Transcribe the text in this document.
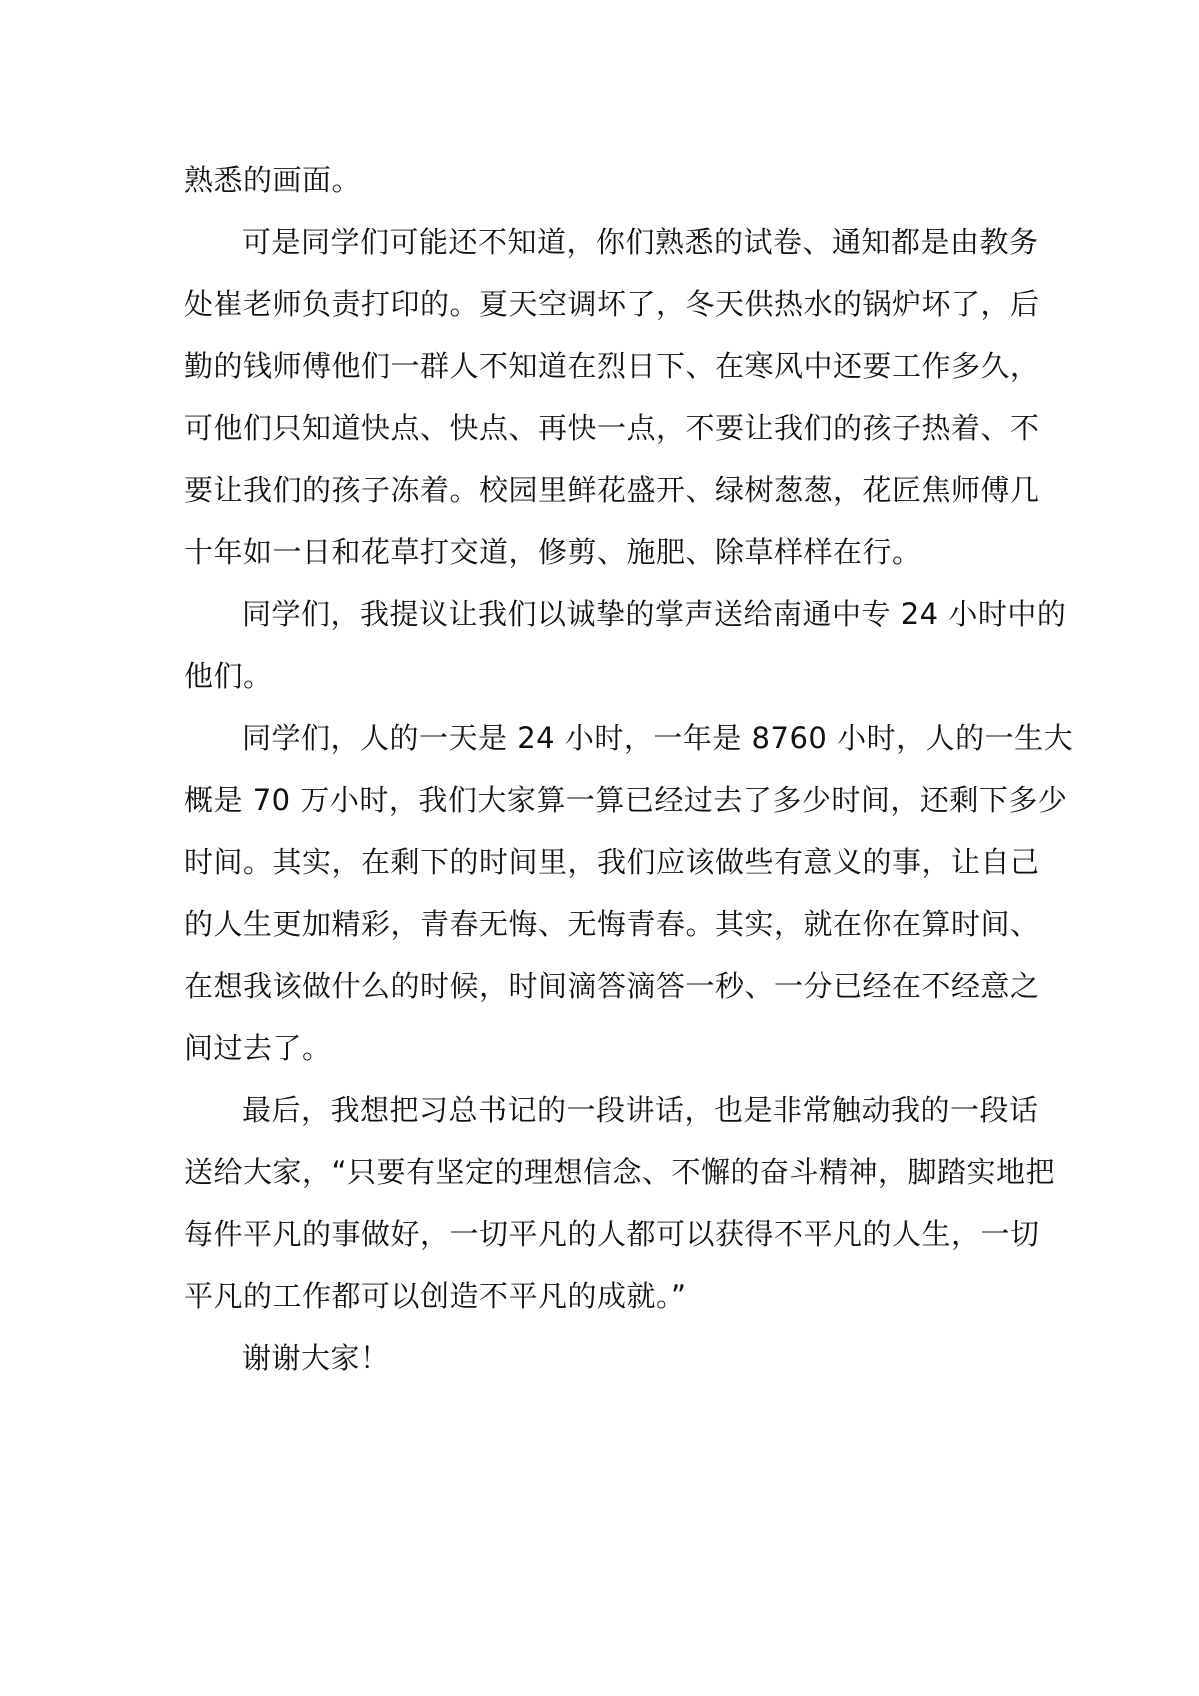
熟悉的画面。

可是同学们可能还不知道，你们熟悉的试卷、通知都是由教务
处崔老师负责打印的。夏天空调坏了，冬天供热水的锅炉坏了，后
勤的钱师傅他们一群人不知道在烈日下、在寒风中还要工作多久，
可他们只知道快点、快点、再快一点，不要让我们的孩子热着、不
要让我们的孩子冻着。校园里鲜花盛开、绿树葱葱，花匠焦师傅几
十年如一日和花草打交道，修剪、施肥、除草样样在行。

同学们，我提议让我们以诚挚的掌声送给南通中专 24 小时中的
他们。

同学们，人的一天是 24 小时，一年是 8760 小时，人的一生大
概是 70 万小时，我们大家算一算已经过去了多少时间，还剩下多少
时间。其实，在剩下的时间里，我们应该做些有意义的事，让自己
的人生更加精彩，青春无悔、无悔青春。其实，就在你在算时间、
在想我该做什么的时候，时间滴答滴答一秒、一分已经在不经意之
间过去了。

最后，我想把习总书记的一段讲话，也是非常触动我的一段话
送给大家，“只要有坚定的理想信念、不懈的奋斗精神，脚踏实地把
每件平凡的事做好，一切平凡的人都可以获得不平凡的人生，一切
平凡的工作都可以创造不平凡的成就。”

谢谢大家！
